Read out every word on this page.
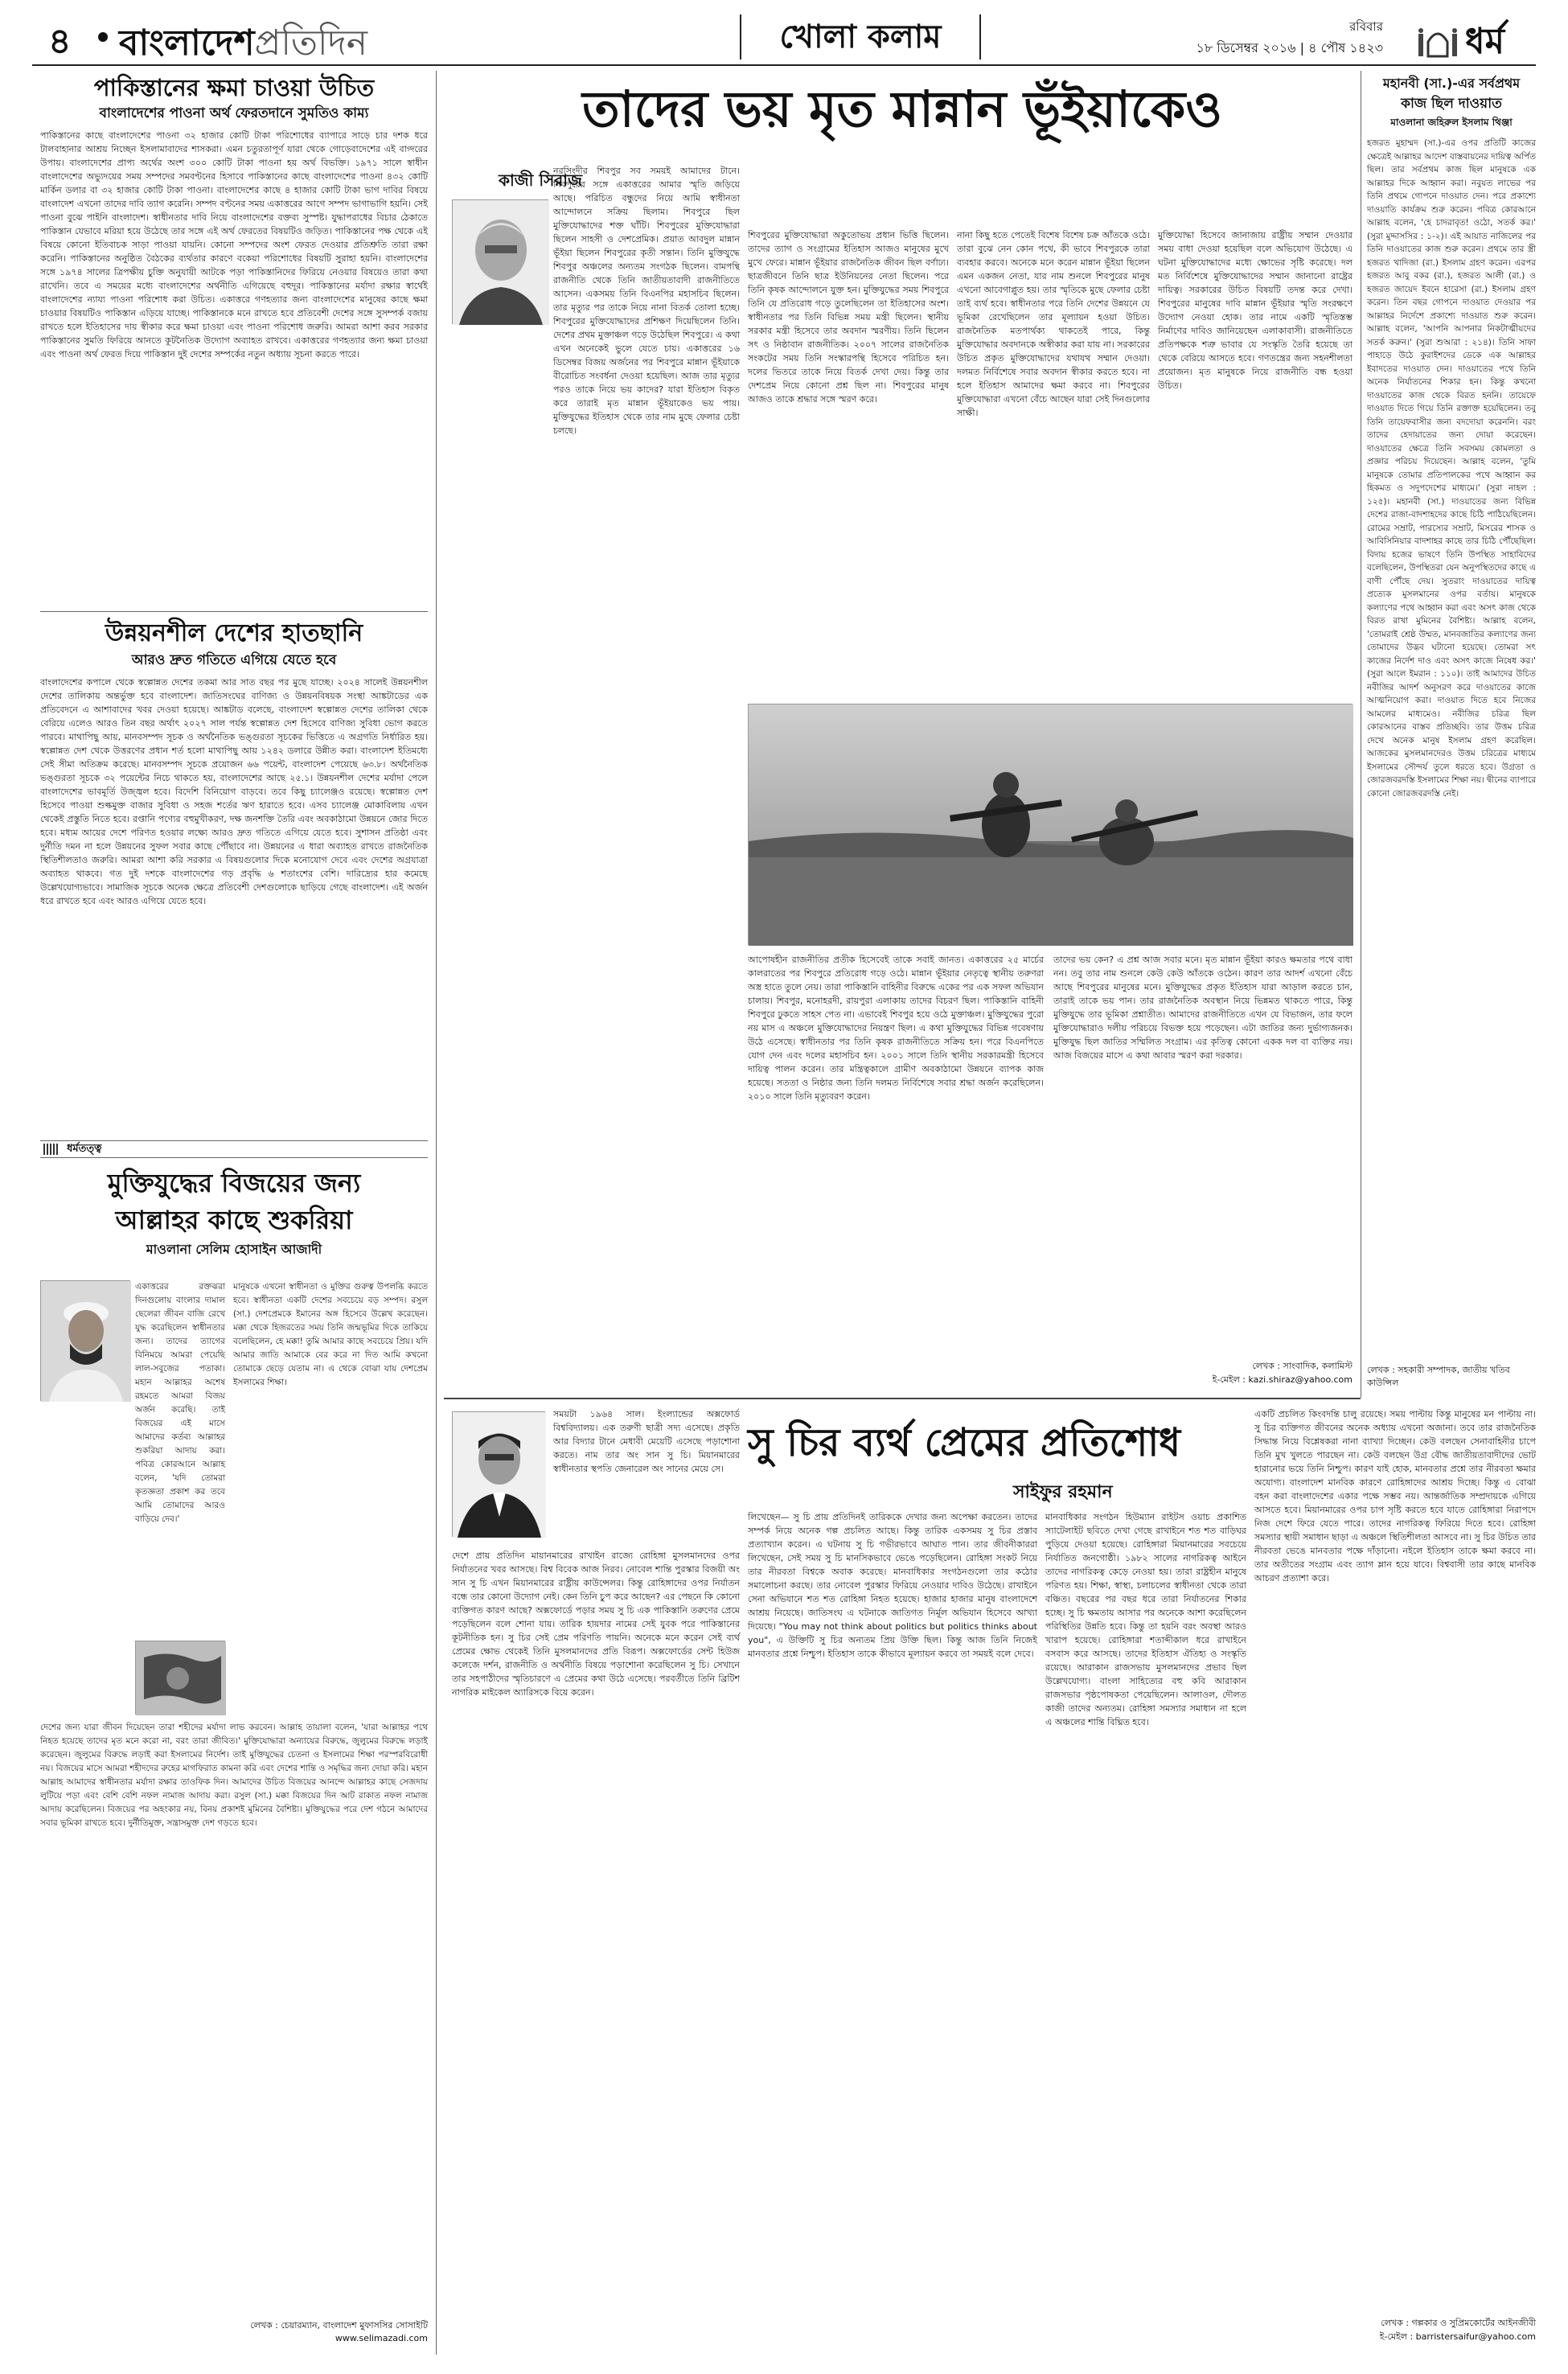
৪ বাংলাদেশপ্রতিদিন	খোলা কলাম	রবিবার
১৮ ডিসেম্বর ২০১৬ | ৪ পৌষ ১৪২৩ ধর্ম
পাকিস্তানের ক্ষমা চাওয়া উচিত
বাংলাদেশের পাওনা অর্থ ফেরতদানে সুমতিও কাম্য
পাকিস্তানের কাছে বাংলাদেশের পাওনা ৩২ হাজার কোটি টাকা পরিশোধের ব্যাপারে সাড়ে চার দশক ধরে টালবাহানার আশ্রয় নিচ্ছেন ইসলামাবাদের শাসকরা। এমন চতুরতাপূর্ণ যারা থেকে গোড়েবাদেশের এই বাগ্দরের উপায়। বাংলাদেশের প্রাপ্য অর্থের অংশ ৩০০ কোটি টাকা পাওনা হয় অর্থ বিভক্তি। ১৯৭১ সালে স্বাধীন বাংলাদেশের অভ্যুদয়ের সময় সম্পদের সমবণ্টনের হিসাবে পাকিস্তানের কাছে বাংলাদেশের পাওনা ৪৩২ কোটি মার্কিন ডলার বা ৩২ হাজার কোটি টাকা পাওনা। বাংলাদেশের কাছে ৪ হাজার কোটি টাকা ভাগ দাবির বিষয়ে বাংলাদেশ এখনো তাদের দাবি ত্যাগ করেনি। সম্পদ বণ্টনের সময় একাত্তরের আগে সম্পদ ভাগাভাগি হয়নি। সেই পাওনা বুঝে পাইনি বাংলাদেশ। স্বাধীনতার দাবি নিয়ে বাংলাদেশের বক্তব্য সুস্পষ্ট। যুদ্ধাপরাধের বিচার ঠেকাতে পাকিস্তান যেভাবে মরিয়া হয়ে উঠেছে তার সঙ্গে এই অর্থ ফেরতের বিষয়টিও জড়িত। পাকিস্তানের পক্ষ থেকে এই বিষয়ে কোনো ইতিবাচক সাড়া পাওয়া যায়নি। কোনো সম্পদের অংশ ফেরত দেওয়ার প্রতিশ্রুতি তারা রক্ষা করেনি। পাকিস্তানের অনুষ্ঠিত বৈঠকের ব্যর্থতার কারণে বকেয়া পরিশোধের বিষয়টি সুরাহা হয়নি। বাংলাদেশের সঙ্গে ১৯৭৪ সালের ত্রিপক্ষীয় চুক্তি অনুযায়ী আটকে পড়া পাকিস্তানিদের ফিরিয়ে নেওয়ার বিষয়েও তারা কথা রাখেনি। তবে এ সময়ের মধ্যে বাংলাদেশের অর্থনীতি এগিয়েছে বহুদূর। পাকিস্তানের মর্যাদা রক্ষার স্বার্থেই বাংলাদেশের ন্যায্য পাওনা পরিশোধ করা উচিত। একাত্তরে গণহত্যার জন্য বাংলাদেশের মানুষের কাছে ক্ষমা চাওয়ার বিষয়টিও পাকিস্তান এড়িয়ে যাচ্ছে। পাকিস্তানকে মনে রাখতে হবে প্রতিবেশী দেশের সঙ্গে সুসম্পর্ক বজায় রাখতে হলে ইতিহাসের দায় স্বীকার করে ক্ষমা চাওয়া এবং পাওনা পরিশোধ জরুরি। আমরা আশা করব সরকার পাকিস্তানের সুমতি ফিরিয়ে আনতে কূটনৈতিক উদ্যোগ অব্যাহত রাখবে। একাত্তরের গণহত্যার জন্য ক্ষমা চাওয়া এবং পাওনা অর্থ ফেরত দিয়ে পাকিস্তান দু্ই দেশের সম্পর্কের নতুন অধ্যায় সূচনা করতে পারে।
উন্নয়নশীল দেশের হাতছানি
আরও দ্রুত গতিতে এগিয়ে যেতে হবে
বাংলাদেশের কপালে থেকে স্বল্পোন্নত দেশের তকমা আর সাত বছর পর মুছে যাচ্ছে। ২০২৪ সালেই উন্নয়নশীল দেশের তালিকায় অন্তর্ভুক্ত হবে বাংলাদেশ। জাতিসংঘের বাণিজ্য ও উন্নয়নবিষয়ক সংস্থা আঙ্কটাডের এক প্রতিবেদনে এ আশাবাদের খবর দেওয়া হয়েছে। আঙ্কটাড বলেছে, বাংলাদেশ স্বল্পোন্নত দেশের তালিকা থেকে বেরিয়ে এলেও আরও তিন বছর অর্থাৎ ২০২৭ সাল পর্যন্ত স্বল্পোন্নত দেশ হিসেবে বাণিজ্য সুবিধা ভোগ করতে পারবে। মাথাপিছু আয়, মানবসম্পদ সূচক ও অর্থনৈতিক ভঙ্গুরতা সূচকের ভিত্তিতে এ অগ্রগতি নির্ধারিত হয়। স্বল্পোন্নত দেশ থেকে উত্তরণের প্রধান শর্ত হলো মাথাপিছু আয় ১২৪২ ডলারে উন্নীত করা। বাংলাদেশ ইতিমধ্যে সেই সীমা অতিক্রম করেছে। মানবসম্পদ সূচকে প্রয়োজন ৬৬ পয়েন্ট, বাংলাদেশ পেয়েছে ৬৩.৮। অর্থনৈতিক ভঙ্গুরতা সূচকে ৩২ পয়েন্টের নিচে থাকতে হয়, বাংলাদেশের আছে ২৫.১। উন্নয়নশীল দেশের মর্যাদা পেলে বাংলাদেশের ভাবমূর্তি উজ্জ্বল হবে। বিদেশি বিনিয়োগ বাড়বে। তবে কিছু চ্যালেঞ্জও রয়েছে। স্বল্পোন্নত দেশ হিসেবে পাওয়া শুল্কমুক্ত বাজার সুবিধা ও সহজ শর্তের ঋণ হারাতে হবে। এসব চ্যালেঞ্জ মোকাবিলায় এখন থেকেই প্রস্তুতি নিতে হবে। রপ্তানি পণ্যের বহুমুখীকরণ, দক্ষ জনশক্তি তৈরি এবং অবকাঠামো উন্নয়নে জোর দিতে হবে। মধ্যম আয়ের দেশে পরিণত হওয়ার লক্ষ্যে আরও দ্রুত গতিতে এগিয়ে যেতে হবে। সুশাসন প্রতিষ্ঠা এবং দুর্নীতি দমন না হলে উন্নয়নের সুফল সবার কাছে পৌঁছাবে না। উন্নয়নের এ ধারা অব্যাহত রাখতে রাজনৈতিক স্থিতিশীলতাও জরুরি। আমরা আশা করি সরকার এ বিষয়গুলোর দিকে মনোযোগ দেবে এবং দেশের অগ্রযাত্রা অব্যাহত থাকবে। গত দুই দশকে বাংলাদেশের গড় প্রবৃদ্ধি ৬ শতাংশের বেশি। দারিদ্র্যের হার কমেছে উল্লেখযোগ্যভাবে। সামাজিক সূচকে অনেক ক্ষেত্রে প্রতিবেশী দেশগুলোকে ছাড়িয়ে গেছে বাংলাদেশ। এই অর্জন ধরে রাখতে হবে এবং আরও এগিয়ে যেতে হবে।
$^{ধর্মতত্ত্ব}$
মুক্তিযুদ্ধের বিজয়ের জন্য
আল্লাহর কাছে শুকরিয়া
মাওলানা সেলিম হোসাইন আজাদী
একাত্তরের রক্তঝরা দিনগুলোয় বাংলার দামাল ছেলেরা জীবন বাজি রেখে যুদ্ধ করেছিলেন স্বাধীনতার জন্য। তাদের ত্যাগের বিনিময়ে আমরা পেয়েছি লাল-সবুজের পতাকা। মহান আল্লাহর অশেষ রহমতে আমরা বিজয় অর্জন করেছি। তাই বিজয়ের এই মাসে আমাদের কর্তব্য আল্লাহর শুকরিয়া আদায় করা। পবিত্র কোরআনে আল্লাহ বলেন, 'যদি তোমরা কৃতজ্ঞতা প্রকাশ কর তবে আমি তোমাদের আরও বাড়িয়ে দেব।'
মানুষকে এখনো স্বাধীনতা ও মুক্তির গুরুত্ব উপলব্ধি করতে হবে। স্বাধীনতা একটি দেশের সবচেয়ে বড় সম্পদ। রসুল (সা.) দেশপ্রেমকে ইমানের অঙ্গ হিসেবে উল্লেখ করেছেন। মক্কা থেকে হিজরতের সময় তিনি জন্মভূমির দিকে তাকিয়ে বলেছিলেন, হে মক্কা! তুমি আমার কাছে সবচেয়ে প্রিয়। যদি আমার জাতি আমাকে বের করে না দিত আমি কখনো তোমাকে ছেড়ে যেতাম না। এ থেকে বোঝা যায় দেশপ্রেম ইসলামের শিক্ষা।
দেশের জন্য যারা জীবন দিয়েছেন তারা শহীদের মর্যাদা লাভ করবেন। আল্লাহ তায়ালা বলেন, 'যারা আল্লাহর পথে নিহত হয়েছে তাদের মৃত মনে করো না, বরং তারা জীবিত।' মুক্তিযোদ্ধারা অন্যায়ের বিরুদ্ধে, জুলুমের বিরুদ্ধে লড়াই করেছেন। জুলুমের বিরুদ্ধে লড়াই করা ইসলামের নির্দেশ। তাই মুক্তিযুদ্ধের চেতনা ও ইসলামের শিক্ষা পরস্পরবিরোধী নয়। বিজয়ের মাসে আমরা শহীদদের রুহের মাগফিরাত কামনা করি এবং দেশের শান্তি ও সমৃদ্ধির জন্য দোয়া করি। মহান আল্লাহ আমাদের স্বাধীনতার মর্যাদা রক্ষার তাওফিক দিন। আমাদের উচিত বিজয়ের আনন্দে আল্লাহর কাছে সেজদায় লুটিয়ে পড়া এবং বেশি বেশি নফল নামাজ আদায় করা। রসুল (সা.) মক্কা বিজয়ের দিন আট রাকাত নফল নামাজ আদায় করেছিলেন। বিজয়ের পর অহংকার নয়, বিনয় প্রকাশই মুমিনের বৈশিষ্ট্য। মুক্তিযুদ্ধের পরে দেশ গঠনে আমাদের সবার ভূমিকা রাখতে হবে। দুর্নীতিমুক্ত, সন্ত্রাসমুক্ত দেশ গড়তে হবে।
লেখক : চেয়ারম্যান, বাংলাদেশ মুফাসসির সোসাইটি
www.selimazadi.com
তাদের ভয় মৃত মান্নান ভূঁইয়াকেও
কাজী সিরাজ
নরসিংদীর শিবপুর সব সময়ই আমাদের টানে। শিবপুরের সঙ্গে একাত্তরের আমার স্মৃতি জড়িয়ে আছে। পরিচিত বন্ধুদের নিয়ে আমি স্বাধীনতা আন্দোলনে সক্রিয় ছিলাম। শিবপুরে ছিল মুক্তিযোদ্ধাদের শক্ত ঘাঁটি। শিবপুরের মুক্তিযোদ্ধারা ছিলেন সাহসী ও দেশপ্রেমিক। প্রয়াত আবদুল মান্নান ভূঁইয়া ছিলেন শিবপুরের কৃতী সন্তান। তিনি মুক্তিযুদ্ধে শিবপুর অঞ্চলের অন্যতম সংগঠক ছিলেন। বামপন্থি রাজনীতি থেকে তিনি জাতীয়তাবাদী রাজনীতিতে আসেন। একসময় তিনি বিএনপির মহাসচিব ছিলেন। তার মৃত্যুর পর তাকে নিয়ে নানা বিতর্ক তোলা হচ্ছে। শিবপুরের মুক্তিযোদ্ধাদের প্রশিক্ষণ দিয়েছিলেন তিনি। দেশের প্রথম মুক্তাঞ্চল গড়ে উঠেছিল শিবপুরে। এ কথা এখন অনেকেই ভুলে যেতে চায়। একাত্তরের ১৬ ডিসেম্বর বিজয় অর্জনের পর শিবপুরে মান্নান ভূঁইয়াকে বীরোচিত সংবর্ধনা দেওয়া হয়েছিল। আজ তার মৃত্যুর পরও তাকে নিয়ে ভয় কাদের? যারা ইতিহাস বিকৃত করে তারাই মৃত মান্নান ভূঁইয়াকেও ভয় পায়। মুক্তিযুদ্ধের ইতিহাস থেকে তার নাম মুছে ফেলার চেষ্টা চলছে।
শিবপুরের মুক্তিযোদ্ধারা অকুতোভয় প্রধান ভিত্তি ছিলেন। তাদের ত্যাগ ও সংগ্রামের ইতিহাস আজও মানুষের মুখে মুখে ফেরে। মান্নান ভূঁইয়ার রাজনৈতিক জীবন ছিল বর্ণাঢ্য। ছাত্রজীবনে তিনি ছাত্র ইউনিয়নের নেতা ছিলেন। পরে তিনি কৃষক আন্দোলনে যুক্ত হন। মুক্তিযুদ্ধের সময় শিবপুরে তিনি যে প্রতিরোধ গড়ে তুলেছিলেন তা ইতিহাসের অংশ। স্বাধীনতার পর তিনি বিভিন্ন সময় মন্ত্রী ছিলেন। স্থানীয় সরকার মন্ত্রী হিসেবে তার অবদান স্মরণীয়। তিনি ছিলেন সৎ ও নিষ্ঠাবান রাজনীতিক। ২০০৭ সালের রাজনৈতিক সংকটের সময় তিনি সংস্কারপন্থি হিসেবে পরিচিত হন। দলের ভিতরে তাকে নিয়ে বিতর্ক দেখা দেয়। কিন্তু তার দেশপ্রেম নিয়ে কোনো প্রশ্ন ছিল না। শিবপুরের মানুষ আজও তাকে শ্রদ্ধার সঙ্গে স্মরণ করে।
নানা কিছু হতে পেতেই বিশেষ বিশেষ চক্র আঁতকে ওঠে। তারা বুঝে নেন কোন পথে, কী ভাবে শিবপুরকে তারা ব্যবহার করবে। অনেকে মনে করেন মান্নান ভূঁইয়া ছিলেন এমন একজন নেতা, যার নাম শুনলে শিবপুরের মানুষ এখনো আবেগাপ্লুত হয়। তার স্মৃতিকে মুছে ফেলার চেষ্টা তাই ব্যর্থ হবে। স্বাধীনতার পরে তিনি দেশের উন্নয়নে যে ভূমিকা রেখেছিলেন তার মূল্যায়ন হওয়া উচিত। রাজনৈতিক মতপার্থক্য থাকতেই পারে, কিন্তু মুক্তিযোদ্ধার অবদানকে অস্বীকার করা যায় না। সরকারের উচিত প্রকৃত মুক্তিযোদ্ধাদের যথাযথ সম্মান দেওয়া। দলমত নির্বিশেষে সবার অবদান স্বীকার করতে হবে। না হলে ইতিহাস আমাদের ক্ষমা করবে না। শিবপুরের মুক্তিযোদ্ধারা এখনো বেঁচে আছেন যারা সেই দিনগুলোর সাক্ষী।
মুক্তিযোদ্ধা হিসেবে জানাজায় রাষ্ট্রীয় সম্মান দেওয়ার সময় বাধা দেওয়া হয়েছিল বলে অভিযোগ উঠেছে। এ ঘটনা মুক্তিযোদ্ধাদের মধ্যে ক্ষোভের সৃষ্টি করেছে। দল মত নির্বিশেষে মুক্তিযোদ্ধাদের সম্মান জানানো রাষ্ট্রের দায়িত্ব। সরকারের উচিত বিষয়টি তদন্ত করে দেখা। শিবপুরের মানুষের দাবি মান্নান ভূঁইয়ার স্মৃতি সংরক্ষণে উদ্যোগ নেওয়া হোক। তার নামে একটি স্মৃতিস্তম্ভ নির্মাণের দাবিও জানিয়েছেন এলাকাবাসী। রাজনীতিতে প্রতিপক্ষকে শত্রু ভাবার যে সংস্কৃতি তৈরি হয়েছে তা থেকে বেরিয়ে আসতে হবে। গণতন্ত্রের জন্য সহনশীলতা প্রয়োজন। মৃত মানুষকে নিয়ে রাজনীতি বন্ধ হওয়া উচিত।
আপোষহীন রাজনীতির প্রতীক হিসেবেই তাকে সবাই জানত। একাত্তরের ২৫ মার্চের কালরাতের পর শিবপুরে প্রতিরোধ গড়ে ওঠে। মান্নান ভূঁইয়ার নেতৃত্বে স্থানীয় তরুণরা অস্ত্র হাতে তুলে নেয়। তারা পাকিস্তানি বাহিনীর বিরুদ্ধে একের পর এক সফল অভিযান চালায়। শিবপুর, মনোহরদী, রায়পুরা এলাকায় তাদের বিচরণ ছিল। পাকিস্তানি বাহিনী শিবপুরে ঢুকতে সাহস পেত না। এভাবেই শিবপুর হয়ে ওঠে মুক্তাঞ্চল। মুক্তিযুদ্ধের পুরো নয় মাস এ অঞ্চলে মুক্তিযোদ্ধাদের নিয়ন্ত্রণ ছিল। এ কথা মুক্তিযুদ্ধের বিভিন্ন গবেষণায় উঠে এসেছে। স্বাধীনতার পর তিনি কৃষক রাজনীতিতে সক্রিয় হন। পরে বিএনপিতে যোগ দেন এবং দলের মহাসচিব হন। ২০০১ সালে তিনি স্থানীয় সরকারমন্ত্রী হিসেবে দায়িত্ব পালন করেন। তার মন্ত্রিত্বকালে গ্রামীণ অবকাঠামো উন্নয়নে ব্যাপক কাজ হয়েছে। সততা ও নিষ্ঠার জন্য তিনি দলমত নির্বিশেষে সবার শ্রদ্ধা অর্জন করেছিলেন। ২০১০ সালে তিনি মৃত্যুবরণ করেন।
তাদের ভয় কেন? এ প্রশ্ন আজ সবার মনে। মৃত মান্নান ভূঁইয়া কারও ক্ষমতার পথে বাধা নন। তবু তার নাম শুনলে কেউ কেউ আঁতকে ওঠেন। কারণ তার আদর্শ এখনো বেঁচে আছে শিবপুরের মানুষের মনে। মুক্তিযুদ্ধের প্রকৃত ইতিহাস যারা আড়াল করতে চান, তারাই তাকে ভয় পান। তার রাজনৈতিক অবস্থান নিয়ে ভিন্নমত থাকতে পারে, কিন্তু মুক্তিযুদ্ধে তার ভূমিকা প্রশ্নাতীত। আমাদের রাজনীতিতে এখন যে বিভাজন, তার ফলে মুক্তিযোদ্ধারাও দলীয় পরিচয়ে বিভক্ত হয়ে পড়েছেন। এটা জাতির জন্য দুর্ভাগ্যজনক। মুক্তিযুদ্ধ ছিল জাতির সম্মিলিত সংগ্রাম। এর কৃতিত্ব কোনো একক দল বা ব্যক্তির নয়। আজ বিজয়ের মাসে এ কথা আবার স্মরণ করা দরকার।
লেখক : সাংবাদিক, কলামিস্ট
ই-মেইল : kazi.shiraz@yahoo.com
সময়টা ১৯৬৪ সাল। ইংল্যান্ডের অক্সফোর্ড বিশ্ববিদ্যালয়। এক তরুণী ছাত্রী সদ্য এসেছে। প্রকৃতি আর বিদ্যার টানে মেধাবী মেয়েটি এসেছে পড়াশোনা করতে। নাম তার অং সান সু চি। মিয়ানমারের স্বাধীনতার স্থপতি জেনারেল অং সানের মেয়ে সে।
সু চির ব্যর্থ প্রেমের প্রতিশোধ
সাইফুর রহমান
দেশে প্রায় প্রতিদিন মায়ানমারের রাখাইন রাজ্যে রোহিঙ্গা মুসলমানদের ওপর নির্যাতনের খবর আসছে। বিশ্ব বিবেক আজ নিরব। নোবেল শান্তি পুরস্কার বিজয়ী অং সান সু চি এখন মিয়ানমারের রাষ্ট্রীয় কাউন্সেলর। কিন্তু রোহিঙ্গাদের ওপর নির্যাতন বন্ধে তার কোনো উদ্যোগ নেই। কেন তিনি চুপ করে আছেন? এর পেছনে কি কোনো ব্যক্তিগত কারণ আছে? অক্সফোর্ডে পড়ার সময় সু চি এক পাকিস্তানি তরুণের প্রেমে পড়েছিলেন বলে শোনা যায়। তারিক হায়দার নামের সেই যুবক পরে পাকিস্তানের কূটনীতিক হন। সু চির সেই প্রেম পরিণতি পায়নি। অনেকে মনে করেন সেই ব্যর্থ প্রেমের ক্ষোভ থেকেই তিনি মুসলমানদের প্রতি বিরূপ। অক্সফোর্ডের সেন্ট হিউজ কলেজে দর্শন, রাজনীতি ও অর্থনীতি বিষয়ে পড়াশোনা করেছিলেন সু চি। সেখানে তার সহপাঠীদের স্মৃতিচারণে এ প্রেমের কথা উঠে এসেছে। পরবর্তীতে তিনি ব্রিটিশ নাগরিক মাইকেল অ্যারিসকে বিয়ে করেন।
লিখেছেন— সু চি প্রায় প্রতিদিনই তারিককে দেখার জন্য অপেক্ষা করতেন। তাদের সম্পর্ক নিয়ে অনেক গল্প প্রচলিত আছে। কিন্তু তারিক একসময় সু চির প্রস্তাব প্রত্যাখ্যান করেন। এ ঘটনায় সু চি গভীরভাবে আঘাত পান। তার জীবনীকাররা লিখেছেন, সেই সময় সু চি মানসিকভাবে ভেঙে পড়েছিলেন। রোহিঙ্গা সংকট নিয়ে তার নীরবতা বিশ্বকে অবাক করেছে। মানবাধিকার সংগঠনগুলো তার কঠোর সমালোচনা করছে। তার নোবেল পুরস্কার ফিরিয়ে নেওয়ার দাবিও উঠেছে। রাখাইনে সেনা অভিযানে শত শত রোহিঙ্গা নিহত হয়েছে। হাজার হাজার মানুষ বাংলাদেশে আশ্রয় নিয়েছে। জাতিসংঘ এ ঘটনাকে জাতিগত নির্মূল অভিযান হিসেবে আখ্যা দিয়েছে। "You may not think about politics but politics thinks about you", এ উক্তিটি সু চির অন্যতম প্রিয় উক্তি ছিল। কিন্তু আজ তিনি নিজেই মানবতার প্রশ্নে নিশ্চুপ। ইতিহাস তাকে কীভাবে মূল্যায়ন করবে তা সময়ই বলে দেবে।
মানবাধিকার সংগঠন হিউম্যান রাইটস ওয়াচ প্রকাশিত স্যাটেলাইট ছবিতে দেখা গেছে রাখাইনে শত শত বাড়িঘর পুড়িয়ে দেওয়া হয়েছে। রোহিঙ্গারা মিয়ানমারের সবচেয়ে নির্যাতিত জনগোষ্ঠী। ১৯৮২ সালের নাগরিকত্ব আইনে তাদের নাগরিকত্ব কেড়ে নেওয়া হয়। তারা রাষ্ট্রহীন মানুষে পরিণত হয়। শিক্ষা, স্বাস্থ্য, চলাচলের স্বাধীনতা থেকে তারা বঞ্চিত। বছরের পর বছর ধরে তারা নির্যাতনের শিকার হচ্ছে। সু চি ক্ষমতায় আসার পর অনেকে আশা করেছিলেন পরিস্থিতির উন্নতি হবে। কিন্তু তা হয়নি বরং অবস্থা আরও খারাপ হয়েছে। রোহিঙ্গারা শতাব্দীকাল ধরে রাখাইনে বসবাস করে আসছে। তাদের ইতিহাস ঐতিহ্য ও সংস্কৃতি রয়েছে। আরাকান রাজসভায় মুসলমানদের প্রভাব ছিল উল্লেখযোগ্য। বাংলা সাহিত্যের বহু কবি আরাকান রাজসভার পৃষ্ঠপোষকতা পেয়েছিলেন। আলাওল, দৌলত কাজী তাদের অন্যতম। রোহিঙ্গা সমস্যার সমাধান না হলে এ অঞ্চলের শান্তি বিঘ্নিত হবে।
একটি প্রচলিত কিংবদন্তি চালু রয়েছে। সময় পাল্টায় কিন্তু মানুষের মন পাল্টায় না। সু চির ব্যক্তিগত জীবনের অনেক অধ্যায় এখনো অজানা। তবে তার রাজনৈতিক সিদ্ধান্ত নিয়ে বিশ্লেষকরা নানা ব্যাখ্যা দিচ্ছেন। কেউ বলছেন সেনাবাহিনীর চাপে তিনি মুখ খুলতে পারছেন না। কেউ বলছেন উগ্র বৌদ্ধ জাতীয়তাবাদীদের ভোট হারানোর ভয়ে তিনি নিশ্চুপ। কারণ যাই হোক, মানবতার প্রশ্নে তার নীরবতা ক্ষমার অযোগ্য। বাংলাদেশ মানবিক কারণে রোহিঙ্গাদের আশ্রয় দিচ্ছে। কিন্তু এ বোঝা বহন করা বাংলাদেশের একার পক্ষে সম্ভব নয়। আন্তর্জাতিক সম্প্রদায়কে এগিয়ে আসতে হবে। মিয়ানমারের ওপর চাপ সৃষ্টি করতে হবে যাতে রোহিঙ্গারা নিরাপদে নিজ দেশে ফিরে যেতে পারে। তাদের নাগরিকত্ব ফিরিয়ে দিতে হবে। রোহিঙ্গা সমস্যার স্থায়ী সমাধান ছাড়া এ অঞ্চলে স্থিতিশীলতা আসবে না। সু চির উচিত তার নীরবতা ভেঙে মানবতার পক্ষে দাঁড়ানো। নইলে ইতিহাস তাকে ক্ষমা করবে না। তার অতীতের সংগ্রাম এবং ত্যাগ ম্লান হয়ে যাবে। বিশ্ববাসী তার কাছে মানবিক আচরণ প্রত্যাশা করে।
লেখক : গল্পকার ও সুপ্রিমকোর্টের আইনজীবী
ই-মেইল : barristersaifur@yahoo.com
মহানবী (সা.)-এর সর্বপ্রথম
কাজ ছিল দাওয়াত
মাওলানা জহিরুল ইসলাম থিঞ্জা
হজরত মুহাম্মদ (সা.)-এর ওপর প্রতিটি কাজের ক্ষেত্রেই আল্লাহর আদেশ বাস্তবায়নের দায়িত্ব অর্পিত ছিল। তার সর্বপ্রথম কাজ ছিল মানুষকে এক আল্লাহর দিকে আহ্বান করা। নবুয়ত লাভের পর তিনি প্রথমে গোপনে দাওয়াত দেন। পরে প্রকাশ্যে দাওয়াতি কার্যক্রম শুরু করেন। পবিত্র কোরআনে আল্লাহ বলেন, 'হে চাদরাবৃত! ওঠো, সতর্ক কর।' (সুরা মুদ্দাসসির : ১-২)। এই আয়াত নাজিলের পর তিনি দাওয়াতের কাজ শুরু করেন। প্রথমে তার স্ত্রী হজরত খাদিজা (রা.) ইসলাম গ্রহণ করেন। এরপর হজরত আবু বকর (রা.), হজরত আলী (রা.) ও হজরত জায়েদ ইবনে হারেসা (রা.) ইসলাম গ্রহণ করেন। তিন বছর গোপনে দাওয়াত দেওয়ার পর আল্লাহর নির্দেশে প্রকাশ্যে দাওয়াত শুরু করেন। আল্লাহ বলেন, 'আপনি আপনার নিকটাত্মীয়দের সতর্ক করুন।' (সুরা শুআরা : ২১৪)। তিনি সাফা পাহাড়ে উঠে কুরাইশদের ডেকে এক আল্লাহর ইবাদতের দাওয়াত দেন। দাওয়াতের পথে তিনি অনেক নির্যাতনের শিকার হন। কিন্তু কখনো দাওয়াতের কাজ থেকে বিরত হননি। তায়েফে দাওয়াত দিতে গিয়ে তিনি রক্তাক্ত হয়েছিলেন। তবু তিনি তায়েফবাসীর জন্য বদদোয়া করেননি। বরং তাদের হেদায়াতের জন্য দোয়া করেছেন। দাওয়াতের ক্ষেত্রে তিনি সবসময় কোমলতা ও প্রজ্ঞার পরিচয় দিয়েছেন। আল্লাহ বলেন, 'তুমি মানুষকে তোমার প্রতিপালকের পথে আহ্বান কর হিকমত ও সদুপদেশের মাধ্যমে।' (সুরা নাহল : ১২৫)। মহানবী (সা.) দাওয়াতের জন্য বিভিন্ন দেশের রাজা-বাদশাহদের কাছে চিঠি পাঠিয়েছিলেন। রোমের সম্রাট, পারস্যের সম্রাট, মিসরের শাসক ও আবিসিনিয়ার বাদশাহর কাছে তার চিঠি পৌঁছেছিল। বিদায় হজের ভাষণে তিনি উপস্থিত সাহাবিদের বলেছিলেন, উপস্থিতরা যেন অনুপস্থিতদের কাছে এ বাণী পৌঁছে দেয়। সুতরাং দাওয়াতের দায়িত্ব প্রত্যেক মুসলমানের ওপর বর্তায়। মানুষকে কল্যাণের পথে আহ্বান করা এবং অসৎ কাজ থেকে বিরত রাখা মুমিনের বৈশিষ্ট্য। আল্লাহ বলেন, 'তোমরাই শ্রেষ্ঠ উম্মত, মানবজাতির কল্যাণের জন্য তোমাদের উদ্ভব ঘটানো হয়েছে। তোমরা সৎ কাজের নির্দেশ দাও এবং অসৎ কাজে নিষেধ কর।' (সুরা আলে ইমরান : ১১০)। তাই আমাদের উচিত নবীজির আদর্শ অনুসরণ করে দাওয়াতের কাজে আত্মনিয়োগ করা। দাওয়াত দিতে হবে নিজের আমলের মাধ্যমেও। নবীজির চরিত্র ছিল কোরআনের বাস্তব প্রতিচ্ছবি। তার উত্তম চরিত্র দেখে অনেক মানুষ ইসলাম গ্রহণ করেছিল। আজকের মুসলমানদেরও উত্তম চরিত্রের মাধ্যমে ইসলামের সৌন্দর্য তুলে ধরতে হবে। উগ্রতা ও জোরজবরদস্তি ইসলামের শিক্ষা নয়। দ্বীনের ব্যাপারে কোনো জোরজবরদস্তি নেই।
লেখক : সহকারী সম্পাদক, জাতীয় খতিব কাউন্সিল
